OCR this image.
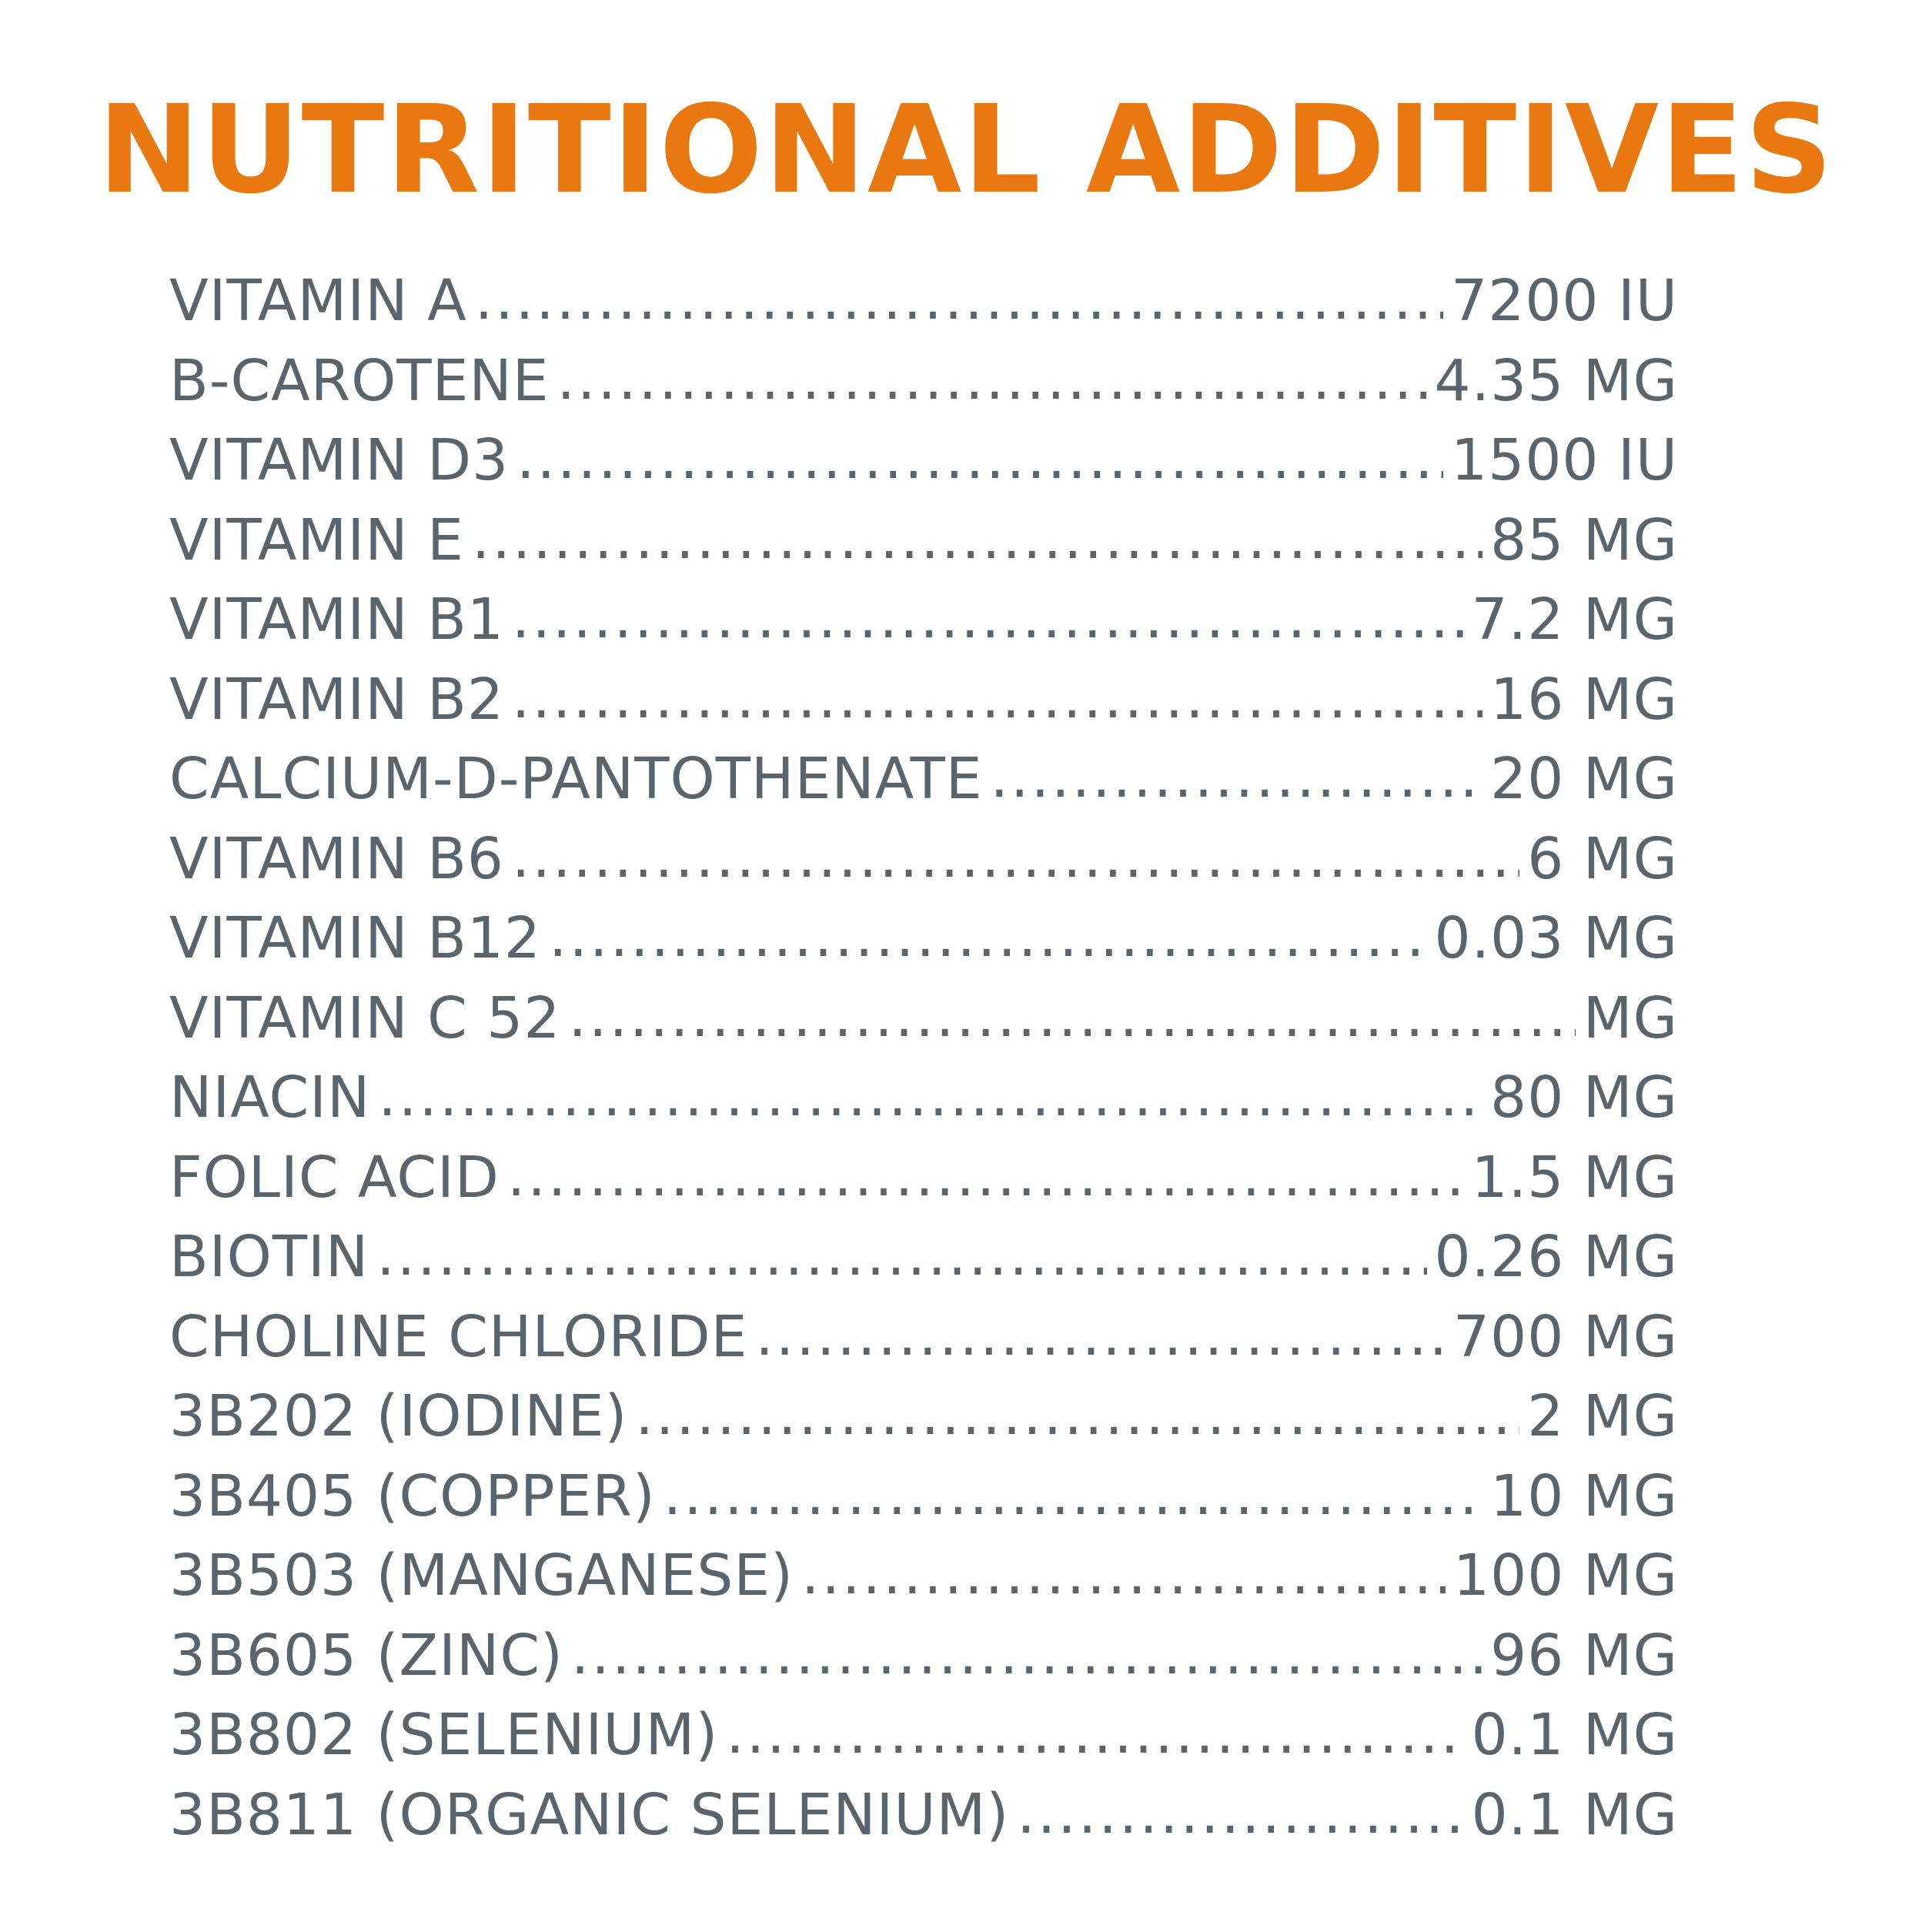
NUTRITIONAL ADDITIVES
VITAMIN A .....	7200 IU
B-CAROTENE .....	4.35 MG
VITAMIN D3 .....	1500 IU
VITAMIN E .....	85 MG
VITAMIN B1 .....	7.2 MG
VITAMIN B2 .....	16 MG
CALCIUM-D-PANTOTHENATE .....	20 MG
VITAMIN B6 .....	6 MG
VITAMIN B12 .....	0.03 MG
VITAMIN C 52 .....	MG
NIACIN .....	80 MG
FOLIC ACID .....	1.5 MG
BIOTIN .....	0.26 MG
CHOLINE CHLORIDE .....	700 MG
3B202 (IODINE) .....	2 MG
3B405 (COPPER) .....	10 MG
3B503 (MANGANESE) .....	100 MG
3B605 (ZINC) .....	96 MG
3B802 (SELENIUM) .....	0.1 MG
3B811 (ORGANIC SELENIUM) .....	0.1 MG
